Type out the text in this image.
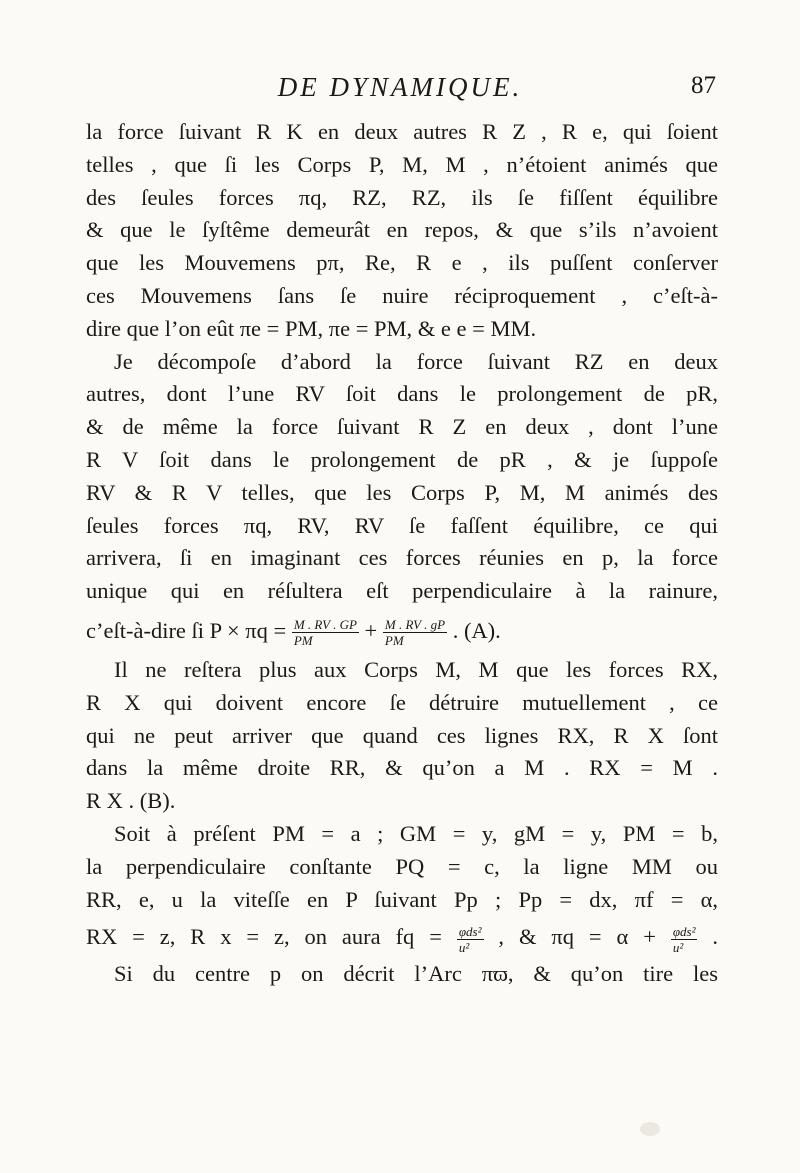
DE DYNAMIQUE.	87
la force ſuivant R K en deux autres R Z , R e, qui ſoient
telles , que ſi les Corps P, M, M , n’étoient animés que
des ſeules forces πq, RZ, RZ, ils ſe fiſſent équilibre
& que le ſyſtême demeurât en repos, & que s’ils n’avoient
que les Mouvemens pπ, Re, R e , ils puſſent conſerver
ces Mouvemens ſans ſe nuire réciproquement , c’eſt-à-
dire que l’on eût πe = PM, πe = PM, & e e = MM.
Je décompoſe d’abord la force ſuivant RZ en deux
autres, dont l’une RV ſoit dans le prolongement de pR,
& de même la force ſuivant R Z en deux , dont l’une
R V ſoit dans le prolongement de pR , & je ſuppoſe
RV & R V telles, que les Corps P, M, M animés des
ſeules forces πq, RV, RV ſe faſſent équilibre, ce qui
arrivera, ſi en imaginant ces forces réunies en p, la force
unique qui en réſultera eſt perpendiculaire à la rainure,
c’eſt-à-dire ſi $P \times \pi q = \frac{M . RV . GP}{PM} + \frac{M . RV . gP}{PM}$ . (A).
Il ne reſtera plus aux Corps M, M que les forces RX,
R X qui doivent encore ſe détruire mutuellement , ce
qui ne peut arriver que quand ces lignes RX, R X ſont
dans la même droite RR, & qu’on a M . RX = M .
R X . (B).
Soit à préſent PM = a ; GM = y, gM = y, PM = b,
la perpendiculaire conſtante PQ = c, la ligne MM ou
RR, e, u la viteſſe en P ſuivant Pp ; Pp = dx, πf = α,
RX = z, R x = z, on aura fq = $\frac{\text{φds²}}{\text{u²}}$ , & $\pi q = \alpha + \frac{\text{φds²}}{\text{u²}}$ .
Si du centre p on décrit l’Arc πϖ, & qu’on tire les
